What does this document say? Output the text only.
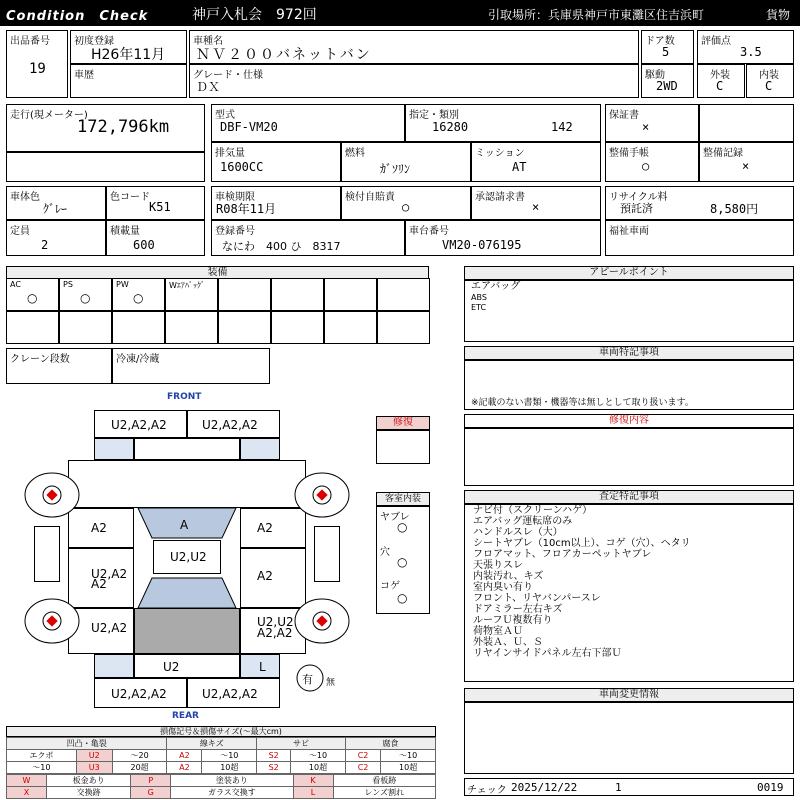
Condition　Check	神戸入札会　972回	引取場所：兵庫県神戸市東灘区住吉浜町	貨物
出品番号
19
初度登録
H26年11月
車歴
車種名
ＮＶ２００バネットバン
グレード・仕様
ＤＸ
ドア数
5
駆動
2WD
評価点
3.5
外装
C
内装
C
走行(現メーター)
172,796km
型式
DBF-VM20
指定・類別
16280	142
排気量
1600CC
燃料
ｶﾞｿﾘﾝ
ミッション
AT
保証書
×
整備手帳
○
整備記録
×
車体色
ｸﾞﾚｰ
色コード
K51
定員
2
積載量
600
車検期限
R08年11月
検付自賠責
○
承認請求書
×
登録番号
なにわ　400 ひ　8317
車台番号
VM20-076195
リサイクル料
預託済	8,580円
福祉車両
装備
AC
○
PS
○
PW
○
Wｴｱﾊﾞｯｸﾞ
クレーン段数	冷凍/冷蔵
FRONT
REAR
U2,A2,A2	U2,A2,A2
A2	A2
U2,A2
A2
A2
U2,A2	U2,U2
A2,A2
A
U2,U2
U2	L
U2,A2,A2	U2,A2,A2
有 無
修復
客室内装
ヤブレ
○
穴
○
コゲ
○
アピールポイント
エアバッグ
ABS
ETC
車両特記事項
※記載のない書類・機器等は無しとして取り扱います。
修復内容
査定特記事項
ナビ付（スクリーンハゲ）
エアバッグ運転席のみ
ハンドルスレ（大）
シートヤブレ（10cm以上）、コゲ（穴）、ヘタリ
フロアマット、フロアカーペットヤブレ
天張りスレ
内装汚れ、キズ
室内臭い有り
フロント、リヤバンパースレ
ドアミラー左右キズ
ルーフＵ複数有り
荷物室ＡＵ
外装Ａ、Ｕ、Ｓ
リヤインサイドパネル左右下部Ｕ
車両変更情報
チェック 2025/12/22	1	0019
損傷記号＆損傷サイズ(〜最大cm)
凹凸・亀裂			線キズ		サビ		腐食	
エクボ	U2	〜20	A2	〜10	S2	〜10	C2	〜10
〜10	U3	20超	A2	10超	S2	10超	C2	10超
W	板金あり	P	塗装あり	K	看板跡
X	交換跡	G	ガラス交換す	L	レンズ割れ
